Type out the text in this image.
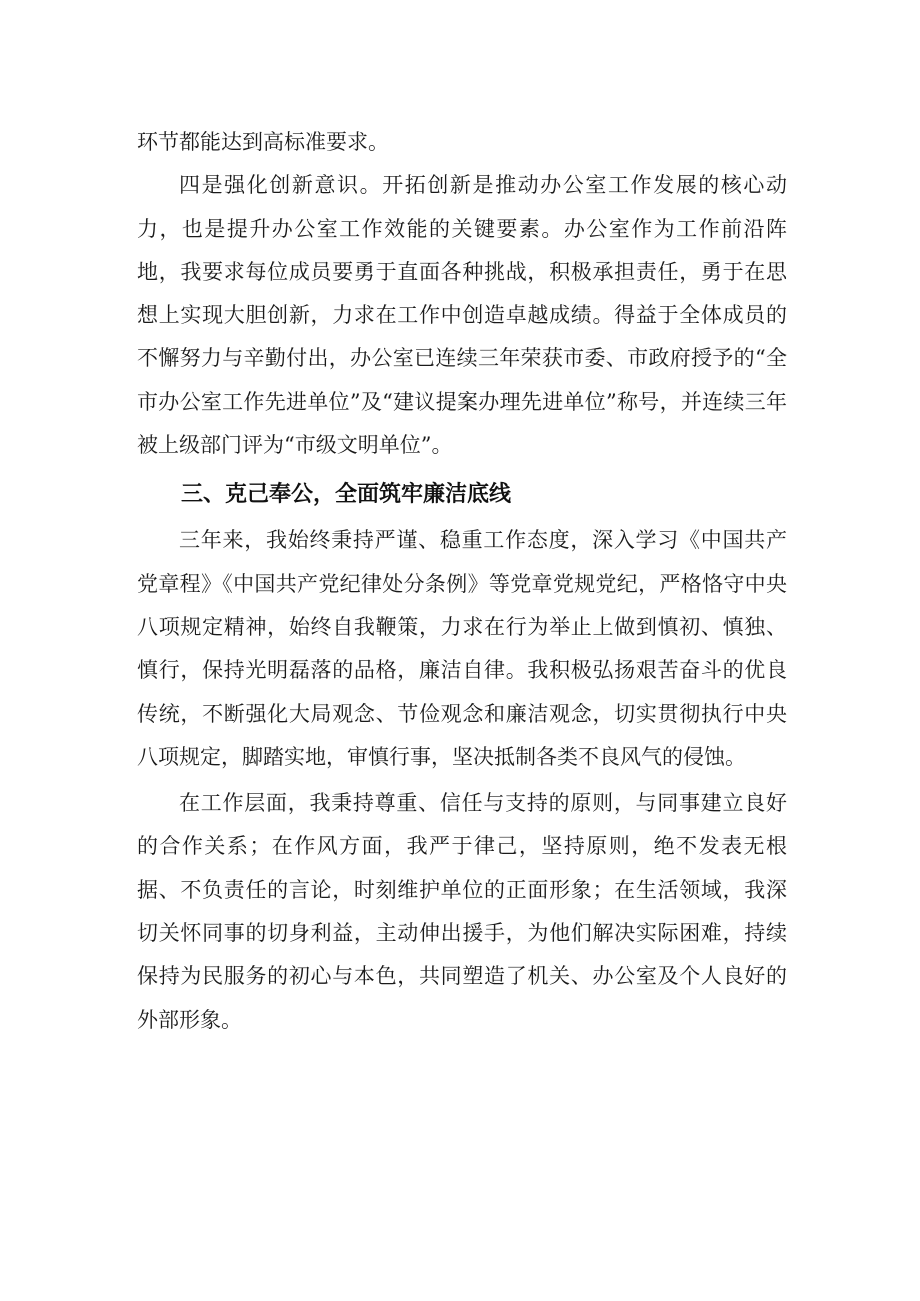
环节都能达到高标准要求。

四是强化创新意识。开拓创新是推动办公室工作发展的核心动力，也是提升办公室工作效能的关键要素。办公室作为工作前沿阵地，我要求每位成员要勇于直面各种挑战，积极承担责任，勇于在思想上实现大胆创新，力求在工作中创造卓越成绩。得益于全体成员的不懈努力与辛勤付出，办公室已连续三年荣获市委、市政府授予的“全市办公室工作先进单位”及“建议提案办理先进单位”称号，并连续三年被上级部门评为“市级文明单位”。

三、克己奉公，全面筑牢廉洁底线

三年来，我始终秉持严谨、稳重工作态度，深入学习《中国共产党章程》《中国共产党纪律处分条例》等党章党规党纪，严格恪守中央八项规定精神，始终自我鞭策，力求在行为举止上做到慎初、慎独、慎行，保持光明磊落的品格，廉洁自律。我积极弘扬艰苦奋斗的优良传统，不断强化大局观念、节俭观念和廉洁观念，切实贯彻执行中央八项规定，脚踏实地，审慎行事，坚决抵制各类不良风气的侵蚀。

在工作层面，我秉持尊重、信任与支持的原则，与同事建立良好的合作关系；在作风方面，我严于律己，坚持原则，绝不发表无根据、不负责任的言论，时刻维护单位的正面形象；在生活领域，我深切关怀同事的切身利益，主动伸出援手，为他们解决实际困难，持续保持为民服务的初心与本色，共同塑造了机关、办公室及个人良好的外部形象。
